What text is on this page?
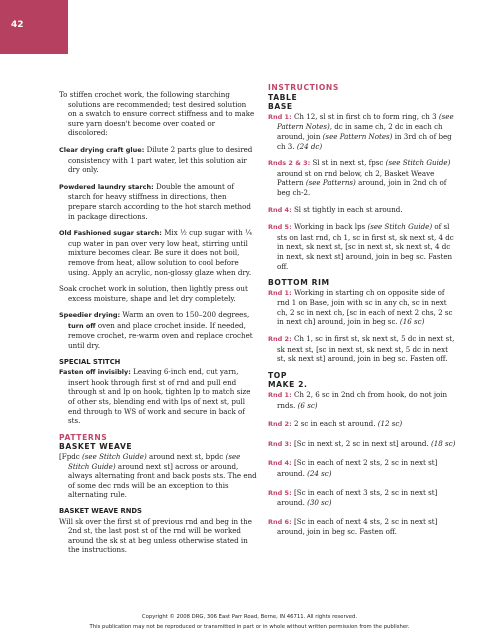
42

To stiffen crochet work, the following starching solutions are recommended; test desired solution on a swatch to ensure correct stiffness and to make sure yarn doesn't become over coated or discolored:

Clear drying craft glue: Dilute 2 parts glue to desired consistency with 1 part water, let this solution air dry only.

Powdered laundry starch: Double the amount of starch for heavy stiffness in directions, then prepare starch according to the hot starch method in package directions.

Old Fashioned sugar starch: Mix ½ cup sugar with ¼ cup water in pan over very low heat, stirring until mixture becomes clear. Be sure it does not boil, remove from heat, allow solution to cool before using. Apply an acrylic, non-glossy glaze when dry.

Soak crochet work in solution, then lightly press out excess moisture, shape and let dry completely.

Speedier drying: Warm an oven to 150–200 degrees, turn off oven and place crochet inside. If needed, remove crochet, re-warm oven and replace crochet until dry.

SPECIAL STITCH

Fasten off invisibly: Leaving 6-inch end, cut yarn, insert hook through first st of rnd and pull end through st and lp on hook, tighten lp to match size of other sts, blending end with lps of next st, pull end through to WS of work and secure in back of sts.

PATTERNS

BASKET WEAVE

[Fpdc (see Stitch Guide) around next st, bpdc (see Stitch Guide) around next st] across or around, always alternating front and back posts sts. The end of some dec rnds will be an exception to this alternating rule.

BASKET WEAVE RNDS

Will sk over the first st of previous rnd and beg in the 2nd st, the last post st of the rnd will be worked around the sk st at beg unless otherwise stated in the instructions.

INSTRUCTIONS

TABLE

BASE

Rnd 1: Ch 12, sl st in first ch to form ring, ch 3 (see Pattern Notes), dc in same ch, 2 dc in each ch around, join (see Pattern Notes) in 3rd ch of beg ch 3. (24 dc)

Rnds 2 & 3: Sl st in next st, fpsc (see Stitch Guide) around st on rnd below, ch 2, Basket Weave Pattern (see Patterns) around, join in 2nd ch of beg ch-2.

Rnd 4: Sl st tightly in each st around.

Rnd 5: Working in back lps (see Stitch Guide) of sl sts on last rnd, ch 1, sc in first st, sk next st, 4 dc in next, sk next st, [sc in next st, sk next st, 4 dc in next, sk next st] around, join in beg sc. Fasten off.

BOTTOM RIM

Rnd 1: Working in starting ch on opposite side of rnd 1 on Base, join with sc in any ch, sc in next ch, 2 sc in next ch, [sc in each of next 2 chs, 2 sc in next ch] around, join in beg sc. (16 sc)

Rnd 2: Ch 1, sc in first st, sk next st, 5 dc in next st, sk next st, [sc in next st, sk next st, 5 dc in next st, sk next st] around, join in beg sc. Fasten off.

TOP

MAKE 2.

Rnd 1: Ch 2, 6 sc in 2nd ch from hook, do not join rnds. (6 sc)

Rnd 2: 2 sc in each st around. (12 sc)

Rnd 3: [Sc in next st, 2 sc in next st] around. (18 sc)

Rnd 4: [Sc in each of next 2 sts, 2 sc in next st] around. (24 sc)

Rnd 5: [Sc in each of next 3 sts, 2 sc in next st] around. (30 sc)

Rnd 6: [Sc in each of next 4 sts, 2 sc in next st] around, join in beg sc. Fasten off.

Copyright © 2008 DRG, 306 East Parr Road, Berne, IN 46711. All rights reserved.
This publication may not be reproduced or transmitted in part or in whole without written permission from the publisher.
